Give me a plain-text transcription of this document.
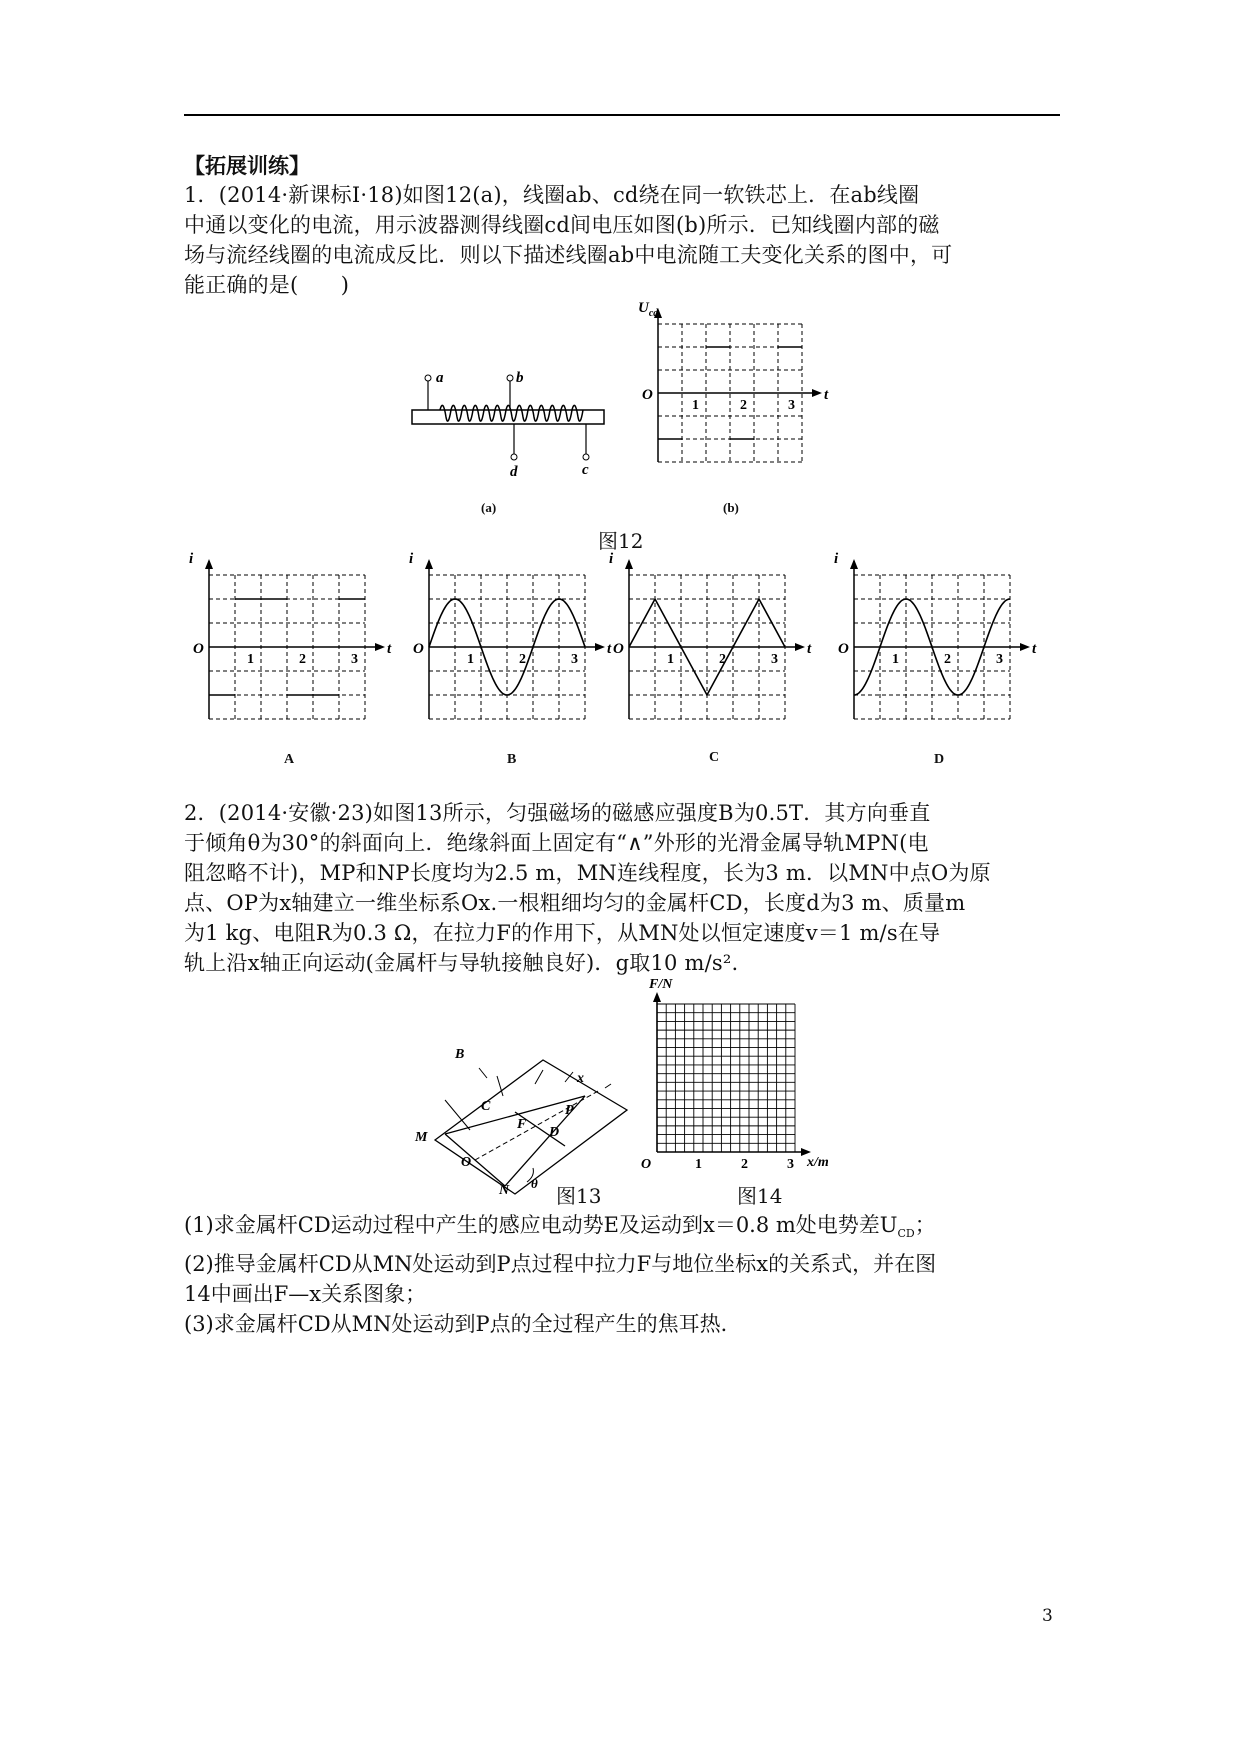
【拓展训练】

1．(2014·新课标Ⅰ·18)如图12(a)，线圈ab、cd绕在同一软铁芯上．在ab线圈

中通以变化的电流，用示波器测得线圈cd间电压如图(b)所示．已知线圈内部的磁

场与流经线圈的电流成反比．则以下描述线圈ab中电流随工夫变化关系的图中，可

能正确的是(　　)

a	b
d	c
(a)	(b)
$U_{cd}$
t
O
1	2	3
图12
i
t
O
1	2	3
i
t
O
1	2	3
i
t
O
1	2	3
i
t
O
1	2	3
A	B	C	D

2．(2014·安徽·23)如图13所示，匀强磁场的磁感应强度B为0.5T．其方向垂直

于倾角θ为30°的斜面向上．绝缘斜面上固定有“∧”外形的光滑金属导轨MPN(电

阻忽略不计)，MP和NP长度均为2.5 m，MN连线程度，长为3 m．以MN中点O为原

点、OP为x轴建立一维坐标系Ox.一根粗细均匀的金属杆CD，长度d为3 m、质量m

为1 kg、电阻R为0.3 Ω，在拉力F的作用下，从MN处以恒定速度v＝1 m/s在导

轨上沿x轴正向运动(金属杆与导轨接触良好)．g取10 m/s².

B
x
C	P
M
F
D
O
N θ
F/N
x/m
O	1	2	3
图13	图14
(1)求金属杆CD运动过程中产生的感应电动势E及运动到x＝0.8 m处电势差$U_{CD}$；
(2)推导金属杆CD从MN处运动到P点过程中拉力F与地位坐标x的关系式，并在图
14中画出F—x关系图象；
(3)求金属杆CD从MN处运动到P点的全过程产生的焦耳热．
3
